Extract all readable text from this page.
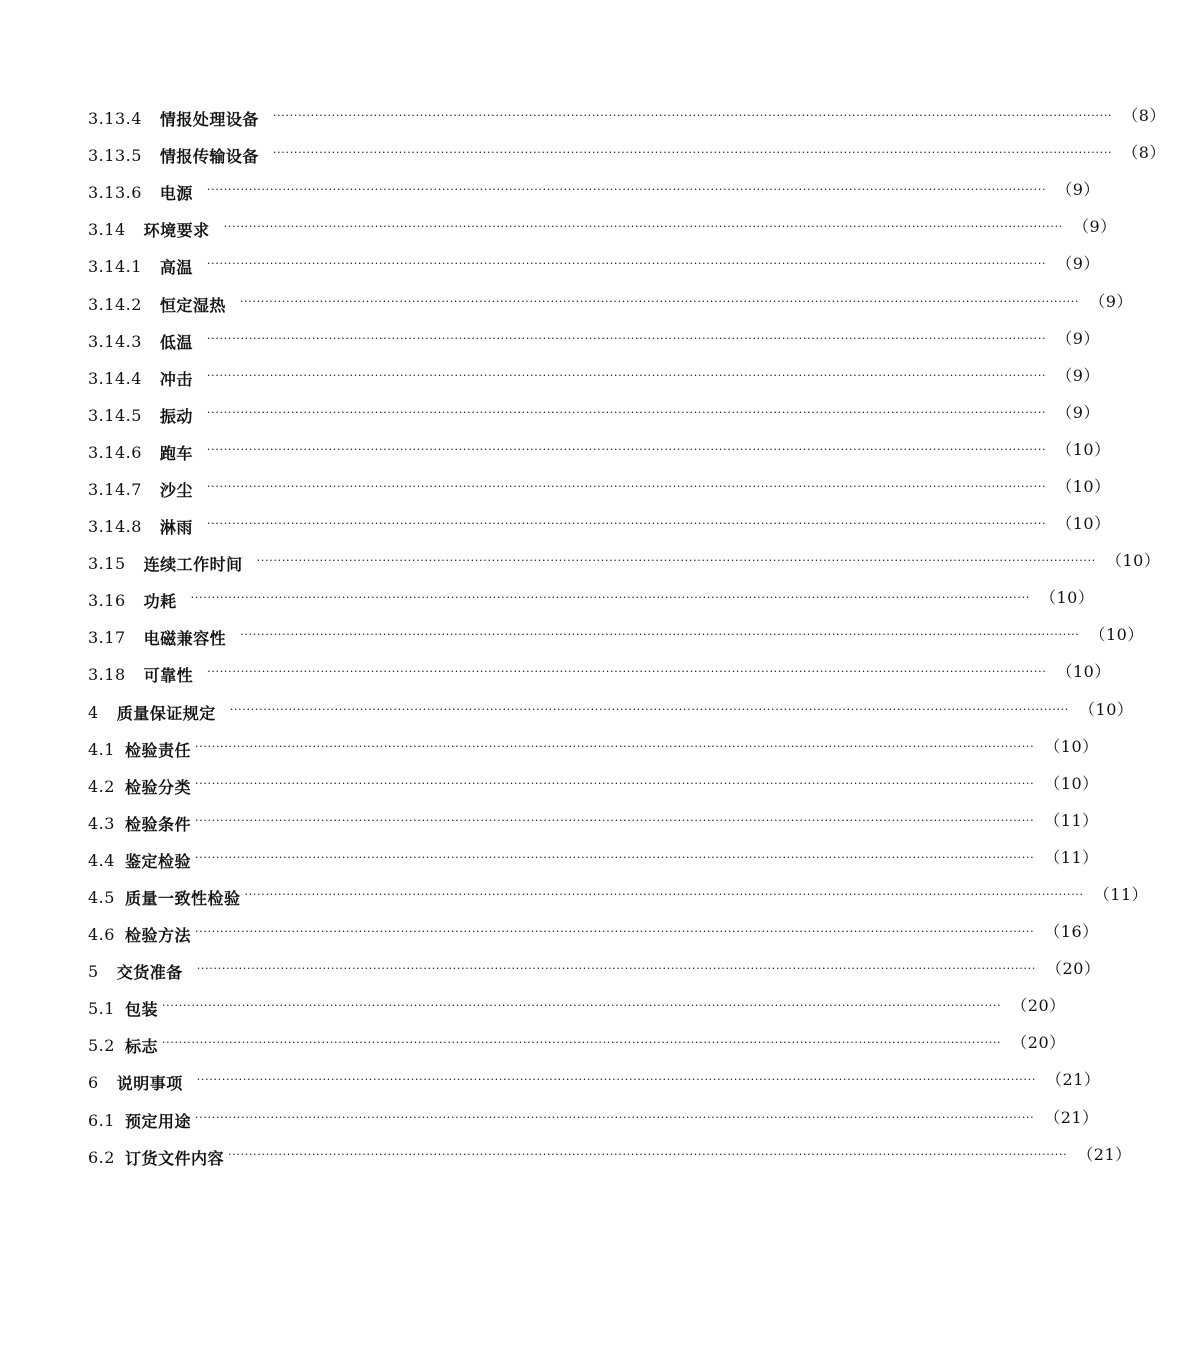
3.13.4 情报处理设备 ········································································································································································································ （8）
3.13.5 情报传输设备 ········································································································································································································ （8）
3.13.6 电源 ········································································································································································································ （9）
3.14 环境要求 ········································································································································································································ （9）
3.14.1 高温 ········································································································································································································ （9）
3.14.2 恒定湿热 ········································································································································································································ （9）
3.14.3 低温 ········································································································································································································ （9）
3.14.4 冲击 ········································································································································································································ （9）
3.14.5 振动 ········································································································································································································ （9）
3.14.6 跑车 ········································································································································································································ （10）
3.14.7 沙尘 ········································································································································································································ （10）
3.14.8 淋雨 ········································································································································································································ （10）
3.15 连续工作时间 ········································································································································································································ （10）
3.16 功耗 ········································································································································································································ （10）
3.17 电磁兼容性 ········································································································································································································ （10）
3.18 可靠性 ········································································································································································································ （10）
4 质量保证规定 ········································································································································································································ （10）
4.1 检验责任 ········································································································································································································ （10）
4.2 检验分类 ········································································································································································································ （10）
4.3 检验条件 ········································································································································································································ （11）
4.4 鉴定检验 ········································································································································································································ （11）
4.5 质量一致性检验 ········································································································································································································ （11）
4.6 检验方法 ········································································································································································································ （16）
5 交货准备 ········································································································································································································ （20）
5.1 包装 ········································································································································································································ （20）
5.2 标志 ········································································································································································································ （20）
6 说明事项 ········································································································································································································ （21）
6.1 预定用途 ········································································································································································································ （21）
6.2 订货文件内容 ········································································································································································································ （21）
